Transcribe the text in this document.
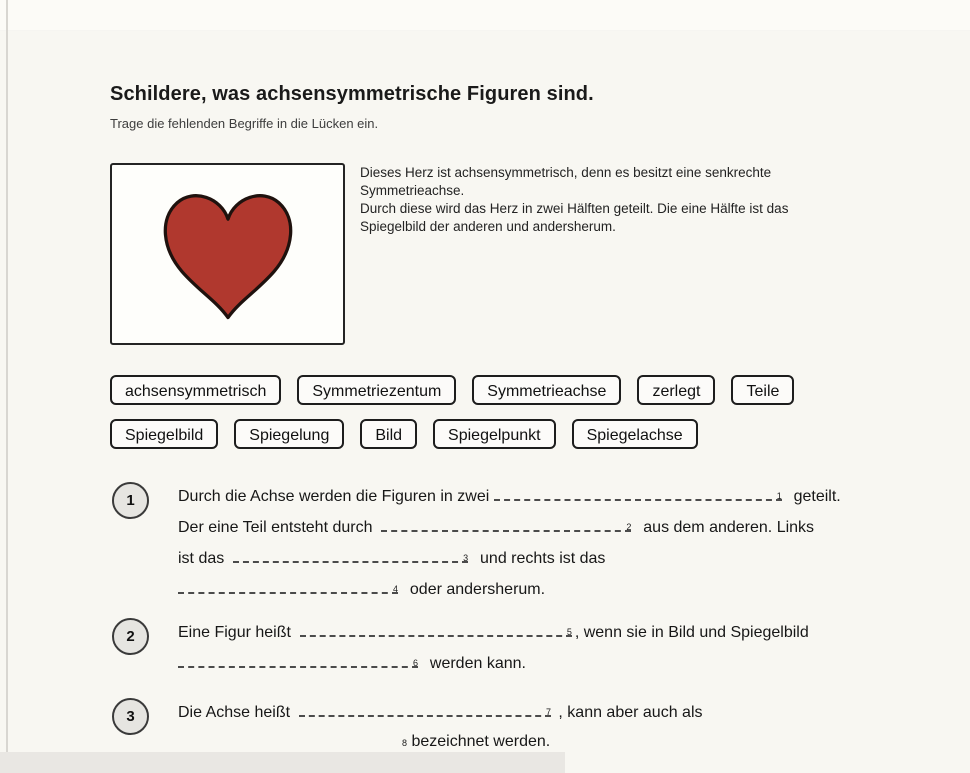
Schildere, was achsensymmetrische Figuren sind.
Trage die fehlenden Begriffe in die Lücken ein.
Dieses Herz ist achsensymmetrisch, denn es besitzt eine senkrechte
Symmetrieachse.
Durch diese wird das Herz in zwei Hälften geteilt. Die eine Hälfte ist das
Spiegelbild der anderen und andersherum.
achsensymmetrisch	Symmetriezentum	Symmetrieachse	zerlegt	Teile
Spiegelbild	Spiegelung	Bild	Spiegelpunkt	Spiegelachse
1	Durch die Achse werden die Figuren in zwei	1 geteilt.
Der eine Teil entsteht durch	2 aus dem anderen. Links
ist das	3 und rechts ist das
4 oder andersherum.
2	Eine Figur heißt	5 , wenn sie in Bild und Spiegelbild
6 werden kann.
3	Die Achse heißt	7 , kann aber auch als
8 bezeichnet werden.
